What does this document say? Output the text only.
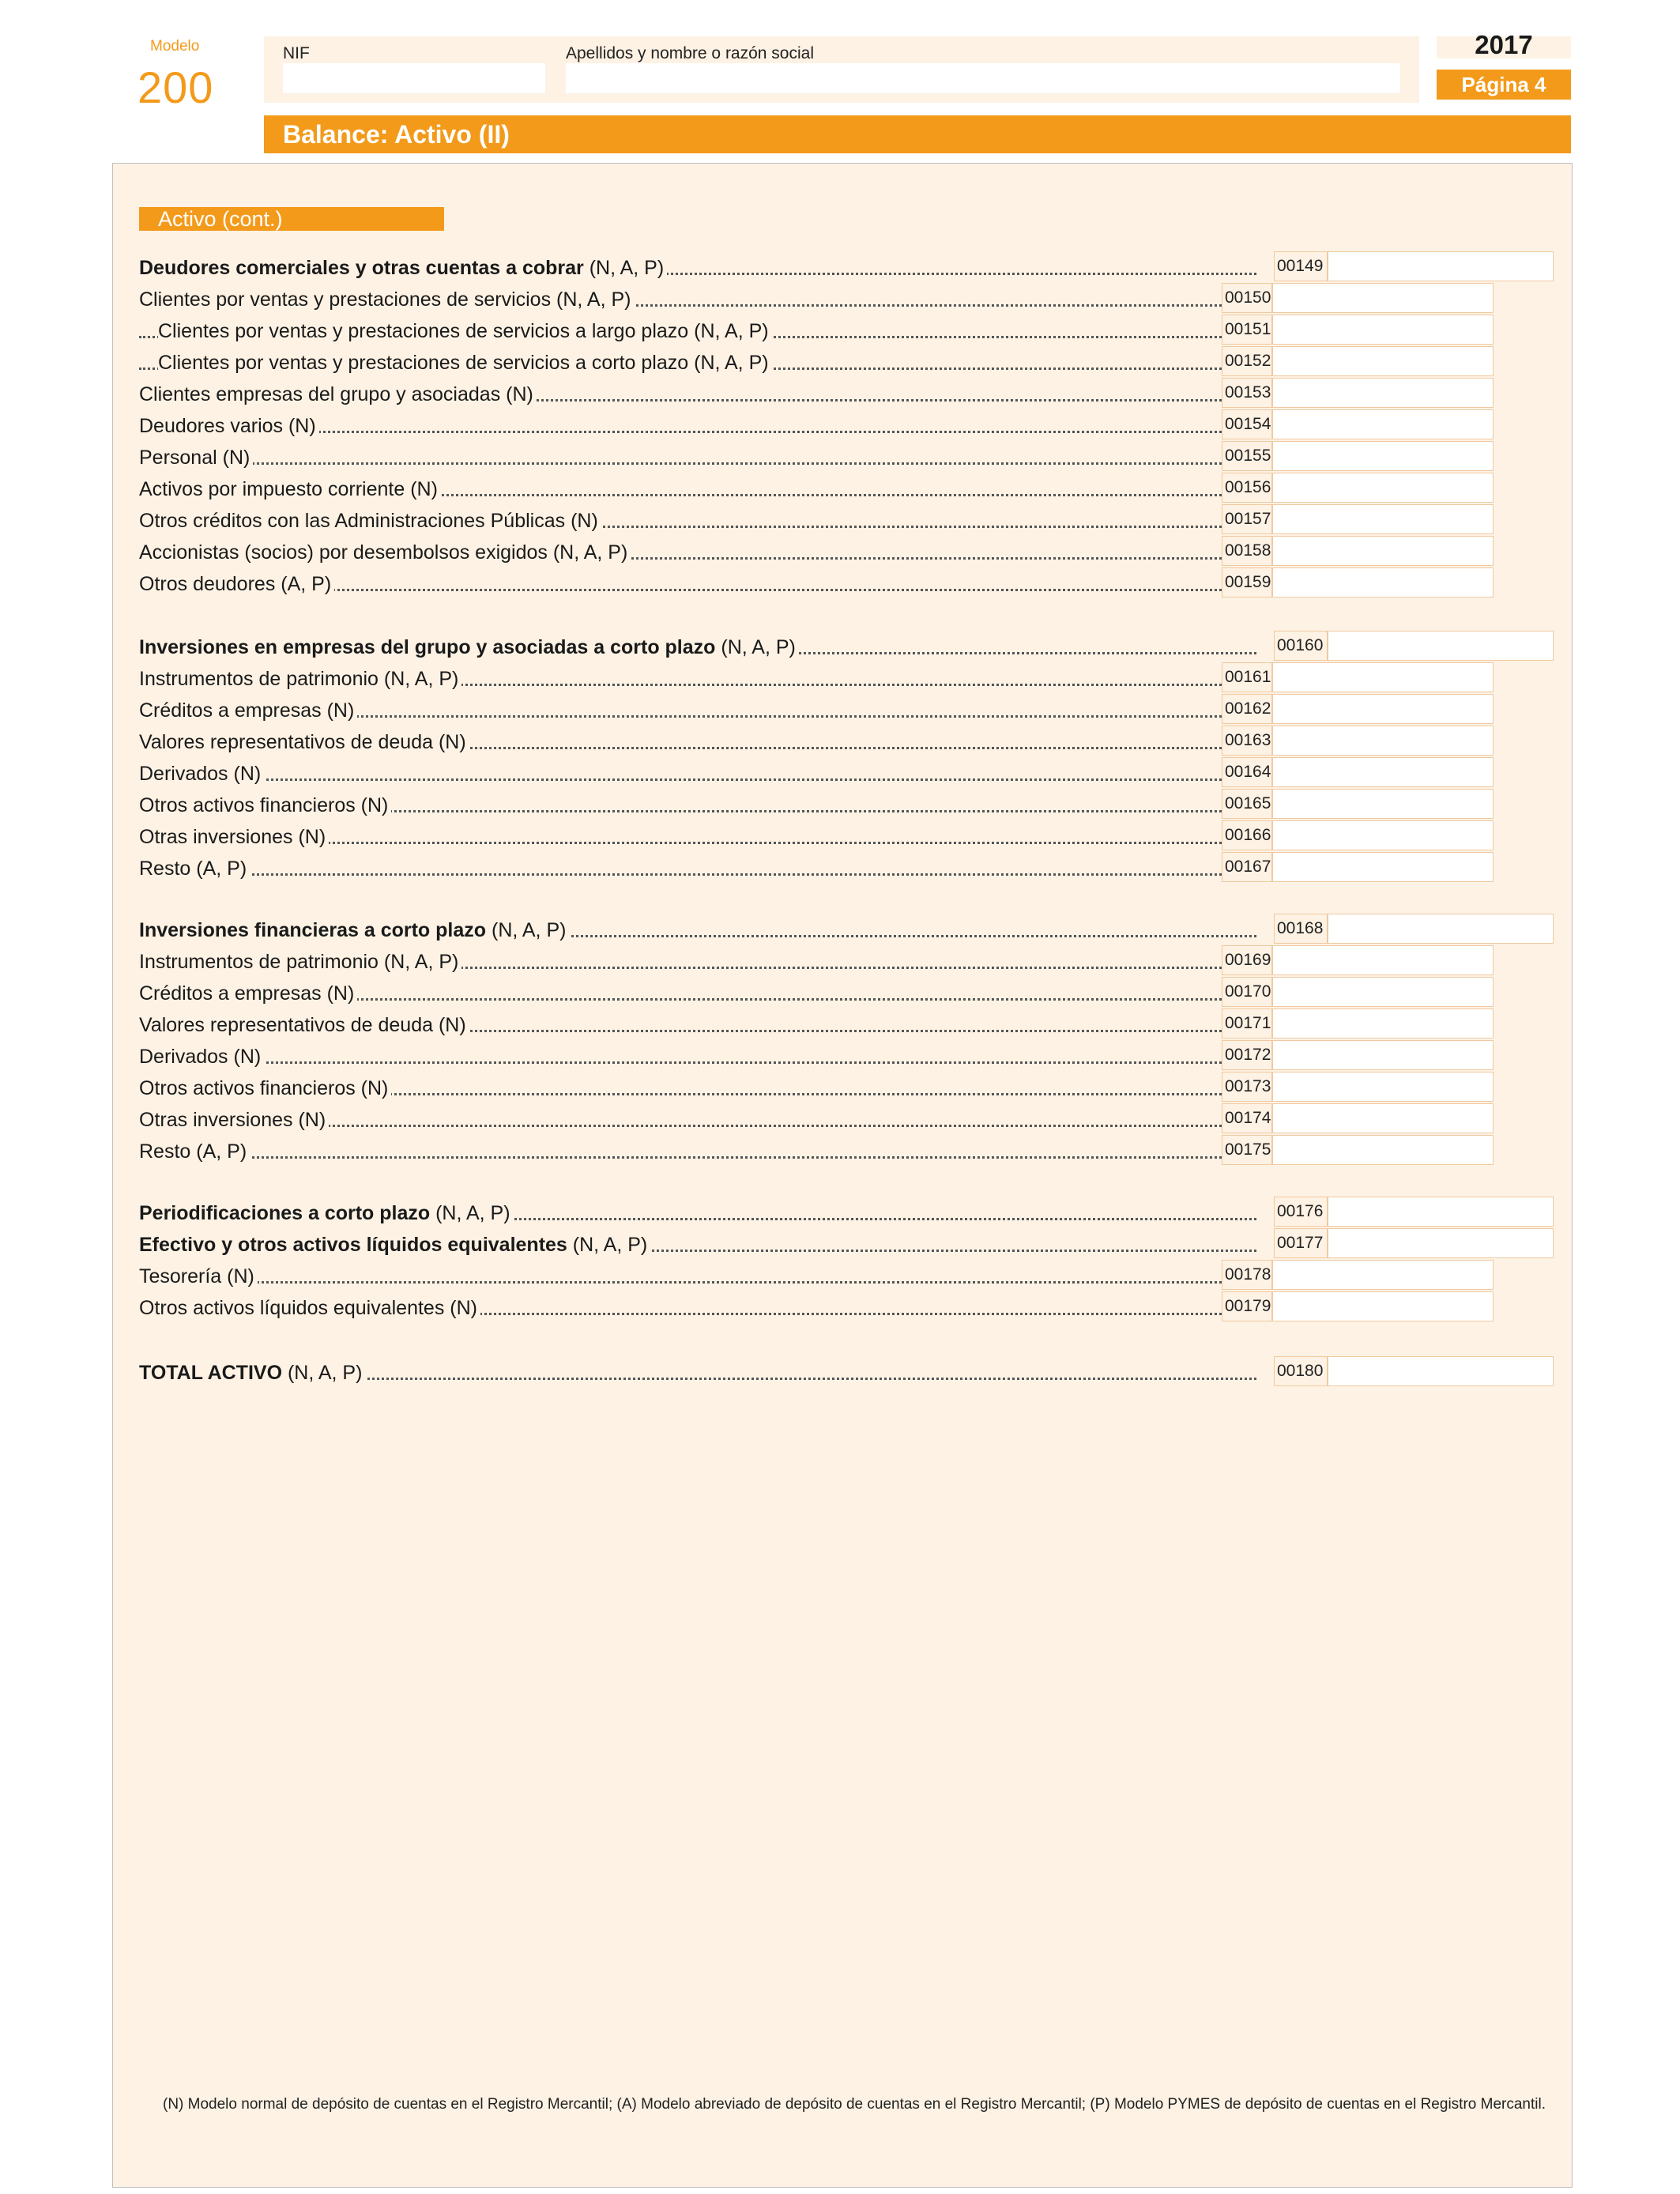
Modelo
200
NIF	Apellidos y nombre o razón social	2017
Página 4
Balance: Activo (II)
Activo (cont.)
Deudores comerciales y otras cuentas a cobrar (N, A, P)	00149
Clientes por ventas y prestaciones de servicios (N, A, P)	00150
Clientes por ventas y prestaciones de servicios a largo plazo (N, A, P)	00151
Clientes por ventas y prestaciones de servicios a corto plazo (N, A, P)	00152
Clientes empresas del grupo y asociadas (N)	00153
Deudores varios (N)	00154
Personal (N)	00155
Activos por impuesto corriente (N)	00156
Otros créditos con las Administraciones Públicas (N)	00157
Accionistas (socios) por desembolsos exigidos (N, A, P)	00158
Otros deudores (A, P)	00159
Inversiones en empresas del grupo y asociadas a corto plazo (N, A, P)	00160
Instrumentos de patrimonio (N, A, P)	00161
Créditos a empresas (N)	00162
Valores representativos de deuda (N)	00163
Derivados (N)	00164
Otros activos financieros (N)	00165
Otras inversiones (N)	00166
Resto (A, P)	00167
Inversiones financieras a corto plazo (N, A, P)	00168
Instrumentos de patrimonio (N, A, P)	00169
Créditos a empresas (N)	00170
Valores representativos de deuda (N)	00171
Derivados (N)	00172
Otros activos financieros (N)	00173
Otras inversiones (N)	00174
Resto (A, P)	00175
Periodificaciones a corto plazo (N, A, P)	00176
Efectivo y otros activos líquidos equivalentes (N, A, P)	00177
Tesorería (N)	00178
Otros activos líquidos equivalentes (N)	00179
TOTAL ACTIVO (N, A, P)	00180
(N) Modelo normal de depósito de cuentas en el Registro Mercantil; (A) Modelo abreviado de depósito de cuentas en el Registro Mercantil; (P) Modelo PYMES de depósito de cuentas en el Registro Mercantil.
